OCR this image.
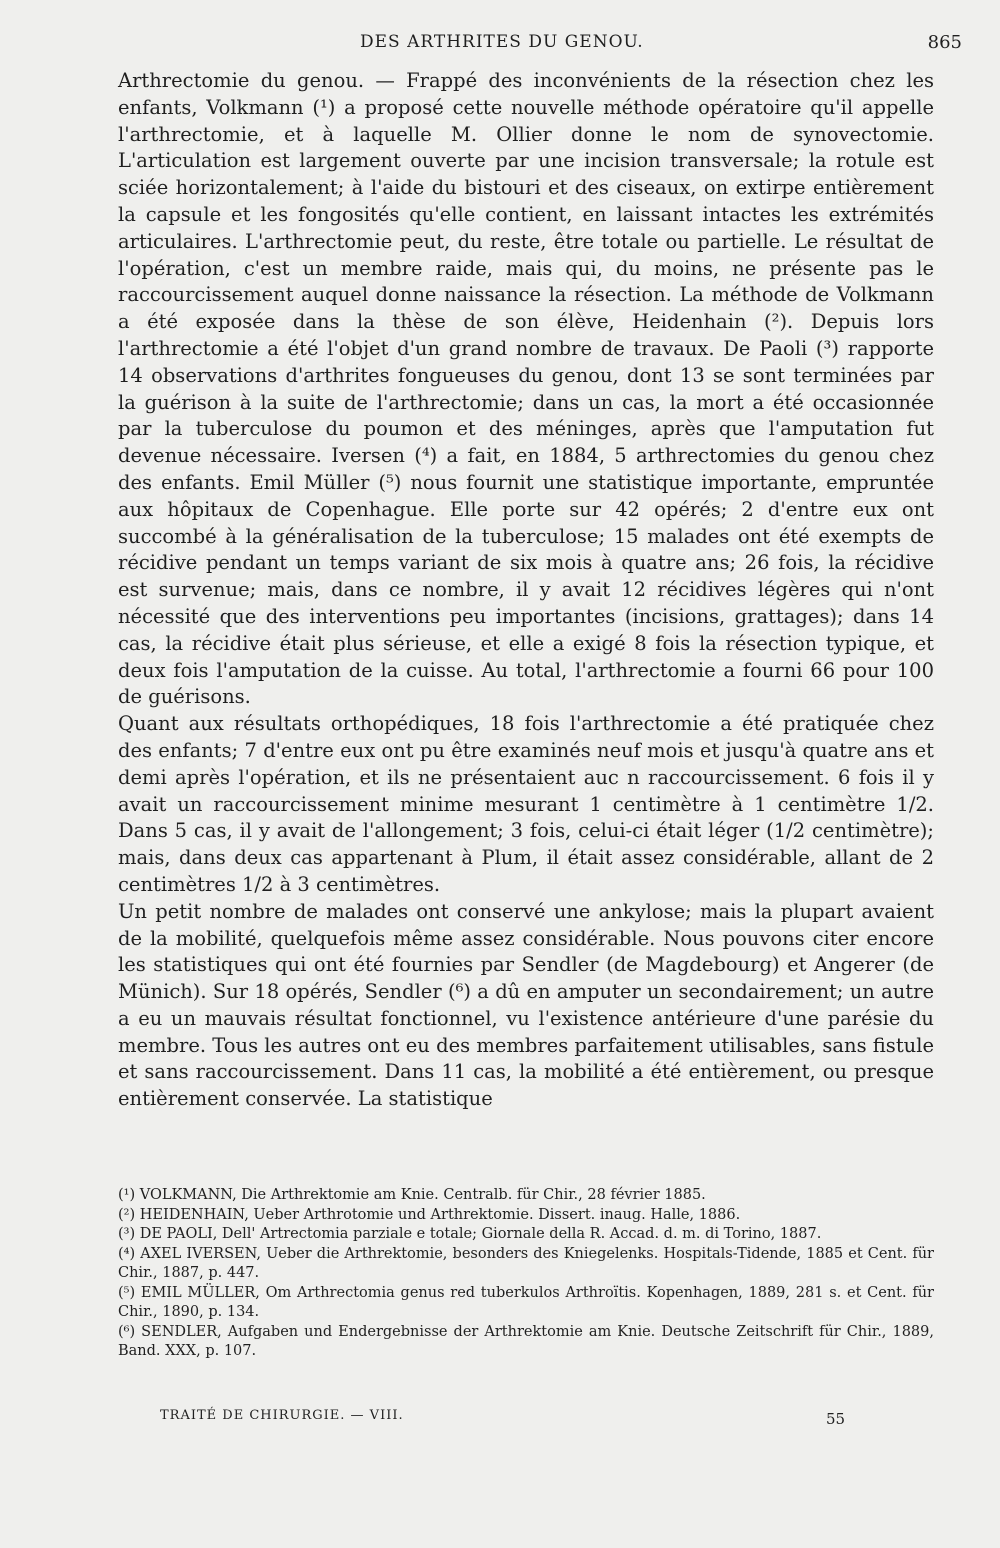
DES ARTHRITES DU GENOU.	865

Arthrectomie du genou. — Frappé des inconvénients de la résection chez les enfants, Volkmann (¹) a proposé cette nouvelle méthode opératoire qu'il appelle l'arthrectomie, et à laquelle M. Ollier donne le nom de synovectomie. L'articulation est largement ouverte par une incision transversale; la rotule est sciée horizontalement; à l'aide du bistouri et des ciseaux, on extirpe entièrement la capsule et les fongosités qu'elle contient, en laissant intactes les extrémités articulaires. L'arthrectomie peut, du reste, être totale ou partielle. Le résultat de l'opération, c'est un membre raide, mais qui, du moins, ne présente pas le raccourcissement auquel donne naissance la résection. La méthode de Volkmann a été exposée dans la thèse de son élève, Heidenhain (²). Depuis lors l'arthrectomie a été l'objet d'un grand nombre de travaux. De Paoli (³) rapporte 14 observations d'arthrites fongueuses du genou, dont 13 se sont terminées par la guérison à la suite de l'arthrectomie; dans un cas, la mort a été occasionnée par la tuberculose du poumon et des méninges, après que l'amputation fut devenue nécessaire. Iversen (⁴) a fait, en 1884, 5 arthrectomies du genou chez des enfants. Emil Müller (⁵) nous fournit une statistique importante, empruntée aux hôpitaux de Copenhague. Elle porte sur 42 opérés; 2 d'entre eux ont succombé à la généralisation de la tuberculose; 15 malades ont été exempts de récidive pendant un temps variant de six mois à quatre ans; 26 fois, la récidive est survenue; mais, dans ce nombre, il y avait 12 récidives légères qui n'ont nécessité que des interventions peu importantes (incisions, grattages); dans 14 cas, la récidive était plus sérieuse, et elle a exigé 8 fois la résection typique, et deux fois l'amputation de la cuisse. Au total, l'arthrectomie a fourni 66 pour 100 de guérisons.

Quant aux résultats orthopédiques, 18 fois l'arthrectomie a été pratiquée chez des enfants; 7 d'entre eux ont pu être examinés neuf mois et jusqu'à quatre ans et demi après l'opération, et ils ne présentaient auc n raccourcissement. 6 fois il y avait un raccourcissement minime mesurant 1 centimètre à 1 centimètre 1/2. Dans 5 cas, il y avait de l'allongement; 3 fois, celui-ci était léger (1/2 centimètre); mais, dans deux cas appartenant à Plum, il était assez considérable, allant de 2 centimètres 1/2 à 3 centimètres.

Un petit nombre de malades ont conservé une ankylose; mais la plupart avaient de la mobilité, quelquefois même assez considérable. Nous pouvons citer encore les statistiques qui ont été fournies par Sendler (de Magdebourg) et Angerer (de Münich). Sur 18 opérés, Sendler (⁶) a dû en amputer un secondairement; un autre a eu un mauvais résultat fonctionnel, vu l'existence antérieure d'une parésie du membre. Tous les autres ont eu des membres parfaitement utilisables, sans fistule et sans raccourcissement. Dans 11 cas, la mobilité a été entièrement, ou presque entièrement conservée. La statistique

(¹) VOLKMANN, Die Arthrektomie am Knie. Centralb. für Chir., 28 février 1885.
(²) HEIDENHAIN, Ueber Arthrotomie und Arthrektomie. Dissert. inaug. Halle, 1886.
(³) DE PAOLI, Dell' Artrectomia parziale e totale; Giornale della R. Accad. d. m. di Torino, 1887.
(⁴) AXEL IVERSEN, Ueber die Arthrektomie, besonders des Kniegelenks. Hospitals-Tidende, 1885 et Cent. für Chir., 1887, p. 447.
(⁵) EMIL MÜLLER, Om Arthrectomia genus red tuberkulos Arthroïtis. Kopenhagen, 1889, 281 s. et Cent. für Chir., 1890, p. 134.
(⁶) SENDLER, Aufgaben und Endergebnisse der Arthrektomie am Knie. Deutsche Zeitschrift für Chir., 1889, Band. XXX, p. 107.
TRAITÉ DE CHIRURGIE. — VIII.	55
